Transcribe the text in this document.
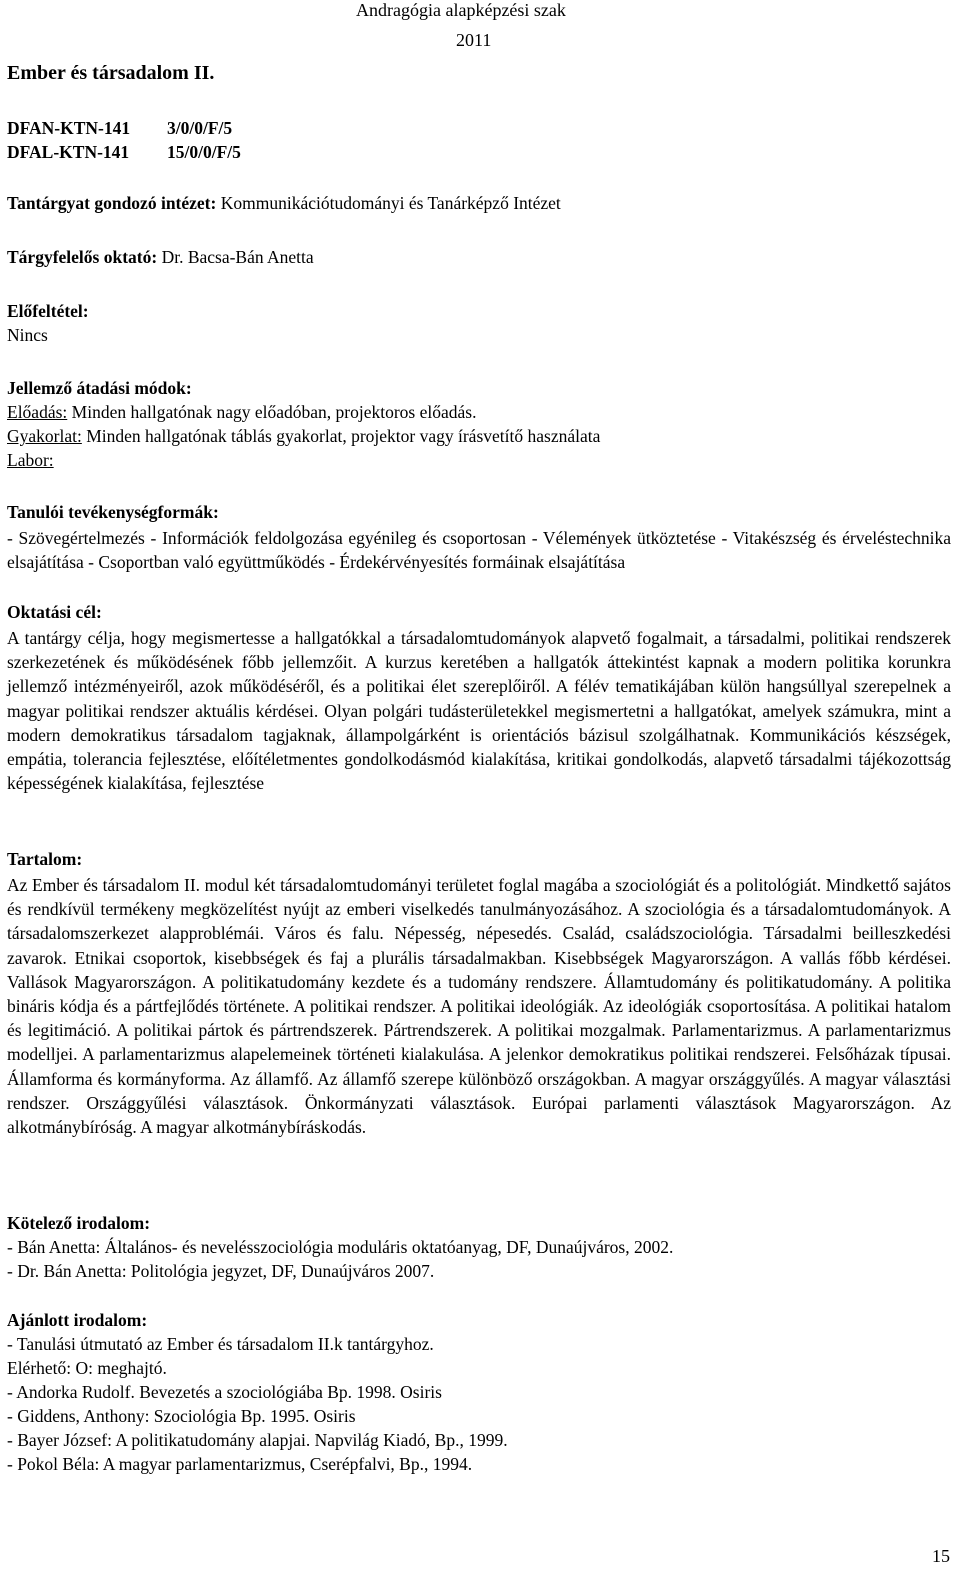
Andragógia alapképzési szak
2011
Ember és társadalom II.
DFAN-KTN-141 3/0/0/F/5
DFAL-KTN-141 15/0/0/F/5
Tantárgyat gondozó intézet: Kommunikációtudományi és Tanárképző Intézet
Tárgyfelelős oktató: Dr. Bacsa-Bán Anetta
Előfeltétel:
Nincs
Jellemző átadási módok:
Előadás: Minden hallgatónak nagy előadóban, projektoros előadás.
Gyakorlat: Minden hallgatónak táblás gyakorlat, projektor vagy írásvetítő használata
Labor:
Tanulói tevékenységformák:

- Szövegértelmezés - Információk feldolgozása egyénileg és csoportosan - Vélemények ütköztetése - Vitakészség és érveléstechnika elsajátítása - Csoportban való együttműködés - Érdekérvényesítés formáinak elsajátítása

Oktatási cél:

A tantárgy célja, hogy megismertesse a hallgatókkal a társadalomtudományok alapvető fogalmait, a társadalmi, politikai rendszerek szerkezetének és működésének főbb jellemzőit. A kurzus keretében a hallgatók áttekintést kapnak a modern politika korunkra jellemző intézményeiről, azok működéséről, és a politikai élet szereplőiről. A félév tematikájában külön hangsúllyal szerepelnek a magyar politikai rendszer aktuális kérdései. Olyan polgári tudásterületekkel megismertetni a hallgatókat, amelyek számukra, mint a modern demokratikus társadalom tagjaknak, állampolgárként is orientációs bázisul szolgálhatnak. Kommunikációs készségek, empátia, tolerancia fejlesztése, előítéletmentes gondolkodásmód kialakítása, kritikai gondolkodás, alapvető társadalmi tájékozottság képességének kialakítása, fejlesztése

Tartalom:

Az Ember és társadalom II. modul két társadalomtudományi területet foglal magába a szociológiát és a politológiát. Mindkettő sajátos és rendkívül termékeny megközelítést nyújt az emberi viselkedés tanulmányozásához. A szociológia és a társadalomtudományok. A társadalomszerkezet alapproblémái. Város és falu. Népesség, népesedés. Család, családszociológia. Társadalmi beilleszkedési zavarok. Etnikai csoportok, kisebbségek és faj a plurális társadalmakban. Kisebbségek Magyarországon. A vallás főbb kérdései. Vallások Magyarországon. A politikatudomány kezdete és a tudomány rendszere. Államtudomány és politikatudomány. A politika bináris kódja és a pártfejlődés története. A politikai rendszer. A politikai ideológiák. Az ideológiák csoportosítása. A politikai hatalom és legitimáció. A politikai pártok és pártrendszerek. Pártrendszerek. A politikai mozgalmak. Parlamentarizmus. A parlamentarizmus modelljei. A parlamentarizmus alapelemeinek történeti kialakulása. A jelenkor demokratikus politikai rendszerei. Felsőházak típusai. Államforma és kormányforma. Az államfő. Az államfő szerepe különböző országokban. A magyar országgyűlés. A magyar választási rendszer. Országgyűlési választások. Önkormányzati választások. Európai parlamenti választások Magyarországon. Az alkotmánybíróság. A magyar alkotmánybíráskodás.

Kötelező irodalom:
- Bán Anetta: Általános- és nevelésszociológia moduláris oktatóanyag, DF, Dunaújváros, 2002.
- Dr. Bán Anetta: Politológia jegyzet, DF, Dunaújváros 2007.
Ajánlott irodalom:
- Tanulási útmutató az Ember és társadalom II.k tantárgyhoz.
Elérhető: O: meghajtó.
- Andorka Rudolf. Bevezetés a szociológiába Bp. 1998. Osiris
- Giddens, Anthony: Szociológia Bp. 1995. Osiris
- Bayer József: A politikatudomány alapjai. Napvilág Kiadó, Bp., 1999.
- Pokol Béla: A magyar parlamentarizmus, Cserépfalvi, Bp., 1994.
15
